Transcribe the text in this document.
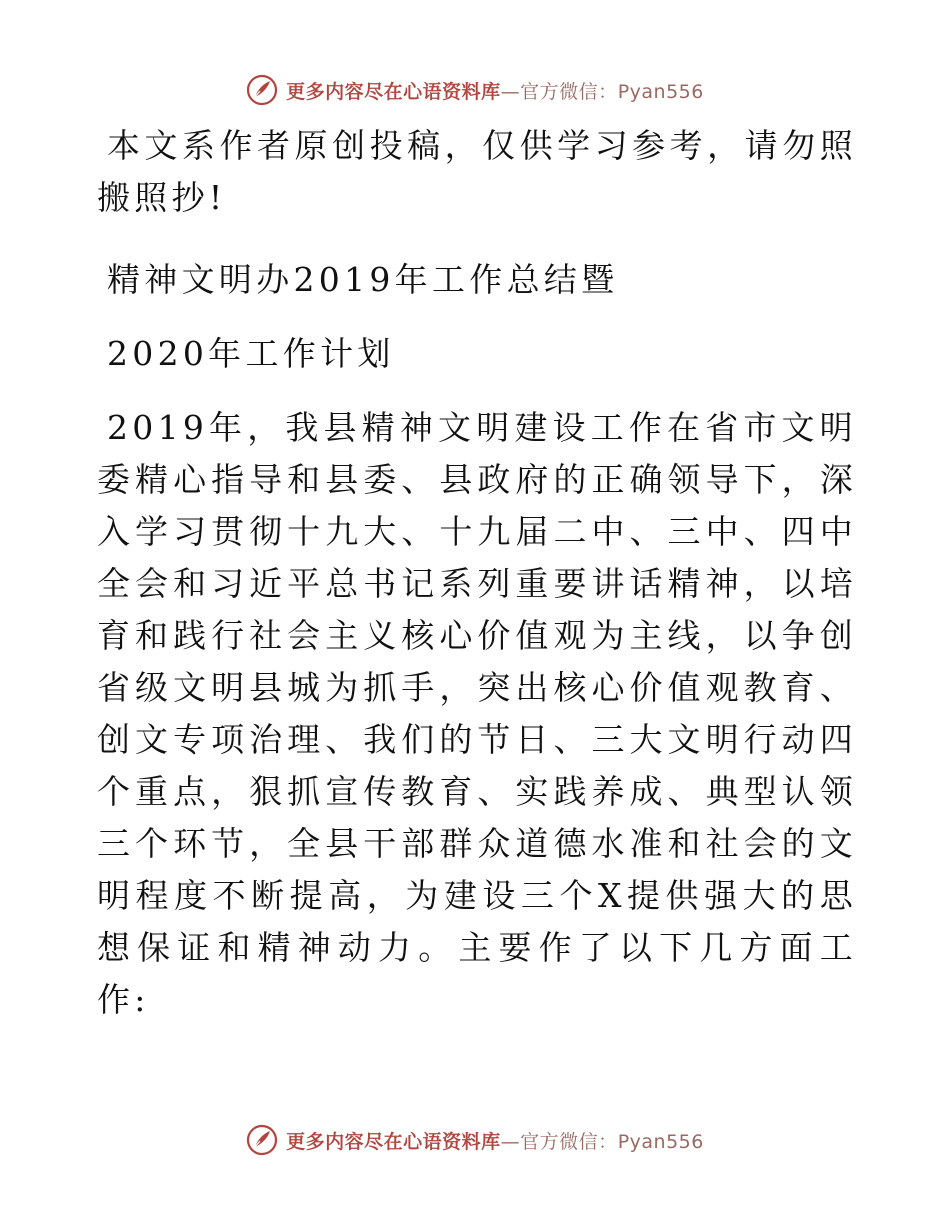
更多内容尽在心语资料库—官方微信：Pyan556

本文系作者原创投稿，仅供学习参考，请勿照搬照抄!

精神文明办2019年工作总结暨

2020年工作计划

2019年，我县精神文明建设工作在省市文明委精心指导和县委、县政府的正确领导下，深入学习贯彻十九大、十九届二中、三中、四中全会和习近平总书记系列重要讲话精神，以培育和践行社会主义核心价值观为主线，以争创省级文明县城为抓手，突出核心价值观教育、创文专项治理、我们的节日、三大文明行动四个重点，狠抓宣传教育、实践养成、典型认领三个环节，全县干部群众道德水准和社会的文明程度不断提高，为建设三个X提供强大的思想保证和精神动力。主要作了以下几方面工作:

更多内容尽在心语资料库—官方微信：Pyan556
